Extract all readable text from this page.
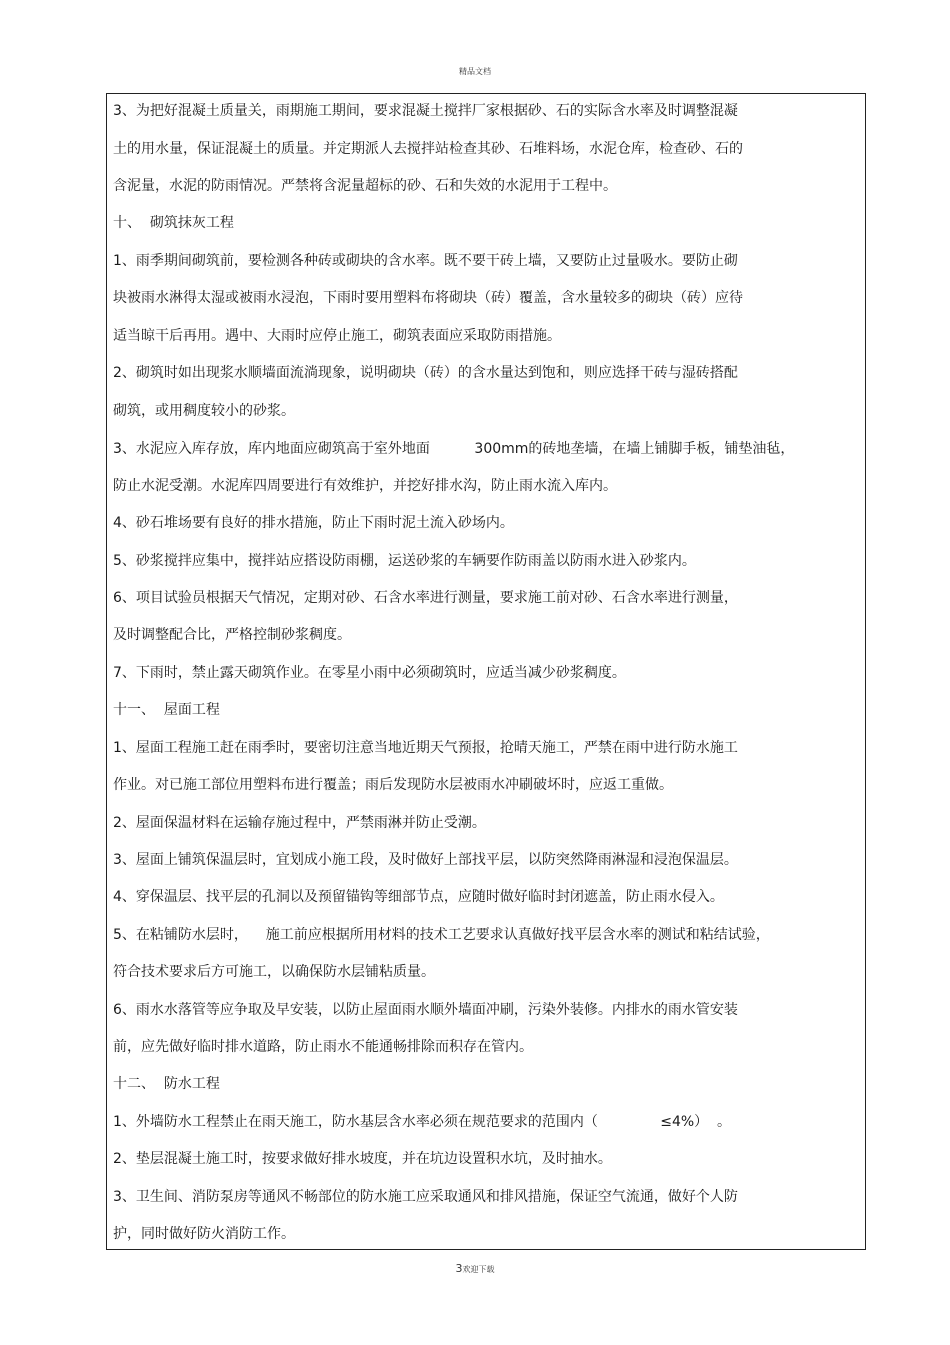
精品文档
3、为把好混凝土质量关，雨期施工期间，要求混凝土搅拌厂家根据砂、石的实际含水率及时调整混凝
土的用水量，保证混凝土的质量。并定期派人去搅拌站检查其砂、石堆料场，水泥仓库，检查砂、石的
含泥量，水泥的防雨情况。严禁将含泥量超标的砂、石和失效的水泥用于工程中。
十、  砌筑抹灰工程
1、雨季期间砌筑前，要检测各种砖或砌块的含水率。既不要干砖上墙，又要防止过量吸水。要防止砌
块被雨水淋得太湿或被雨水浸泡，下雨时要用塑料布将砌块（砖）覆盖，含水量较多的砌块（砖）应待
适当晾干后再用。遇中、大雨时应停止施工，砌筑表面应采取防雨措施。
2、砌筑时如出现浆水顺墙面流淌现象，说明砌块（砖）的含水量达到饱和，则应选择干砖与湿砖搭配
砌筑，或用稠度较小的砂浆。
3、水泥应入库存放，库内地面应砌筑高于室外地面          300mm的砖地垄墙，在墙上铺脚手板，铺垫油毡，
防止水泥受潮。水泥库四周要进行有效维护，并挖好排水沟，防止雨水流入库内。
4、砂石堆场要有良好的排水措施，防止下雨时泥土流入砂场内。
5、砂浆搅拌应集中，搅拌站应搭设防雨棚，运送砂浆的车辆要作防雨盖以防雨水进入砂浆内。
6、项目试验员根据天气情况，定期对砂、石含水率进行测量，要求施工前对砂、石含水率进行测量，
及时调整配合比，严格控制砂浆稠度。
7、下雨时，禁止露天砌筑作业。在零星小雨中必须砌筑时，应适当减少砂浆稠度。
十一、  屋面工程
1、屋面工程施工赶在雨季时，要密切注意当地近期天气预报，抢晴天施工，严禁在雨中进行防水施工
作业。对已施工部位用塑料布进行覆盖；雨后发现防水层被雨水冲刷破坏时，应返工重做。
2、屋面保温材料在运输存施过程中，严禁雨淋并防止受潮。
3、屋面上铺筑保温层时，宜划成小施工段，及时做好上部找平层，以防突然降雨淋湿和浸泡保温层。
4、穿保温层、找平层的孔洞以及预留锚钩等细部节点，应随时做好临时封闭遮盖，防止雨水侵入。
5、在粘铺防水层时，    施工前应根据所用材料的技术工艺要求认真做好找平层含水率的测试和粘结试验，
符合技术要求后方可施工，以确保防水层铺粘质量。
6、雨水水落管等应争取及早安装，以防止屋面雨水顺外墙面冲刷，污染外装修。内排水的雨水管安装
前，应先做好临时排水道路，防止雨水不能通畅排除而积存在管内。
十二、  防水工程
1、外墙防水工程禁止在雨天施工，防水基层含水率必须在规范要求的范围内（              ≤4%）  。
2、垫层混凝土施工时，按要求做好排水坡度，并在坑边设置积水坑，及时抽水。
3、卫生间、消防泵房等通风不畅部位的防水施工应采取通风和排风措施，保证空气流通，做好个人防
护，同时做好防火消防工作。
3欢迎下载
